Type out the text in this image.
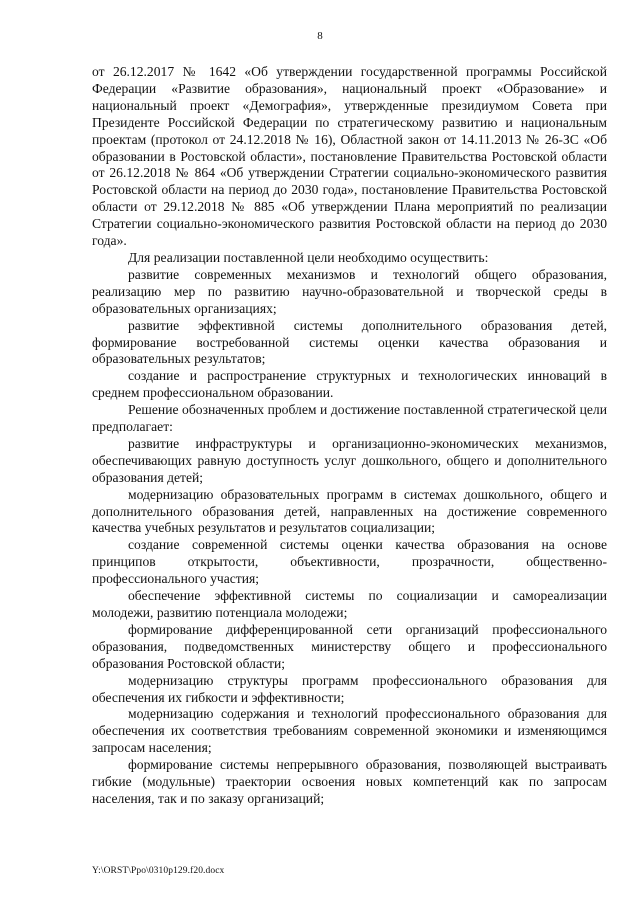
8

от 26.12.2017 № 1642 «Об утверждении государственной программы Российской Федерации «Развитие образования», национальный проект «Образование» и национальный проект «Демография», утвержденные президиумом Совета при Президенте Российской Федерации по стратегическому развитию и национальным проектам (протокол от 24.12.2018 № 16), Областной закон от 14.11.2013 № 26-ЗС «Об образовании в Ростовской области», постановление Правительства Ростовской области от 26.12.2018 № 864 «Об утверждении Стратегии социально-экономического развития Ростовской области на период до 2030 года», постановление Правительства Ростовской области от 29.12.2018 № 885 «Об утверждении Плана мероприятий по реализации Стратегии социально-экономического развития Ростовской области на период до 2030 года».

Для реализации поставленной цели необходимо осуществить:

развитие современных механизмов и технологий общего образования, реализацию мер по развитию научно-образовательной и творческой среды в образовательных организациях;

развитие эффективной системы дополнительного образования детей, формирование востребованной системы оценки качества образования и образовательных результатов;

создание и распространение структурных и технологических инноваций в среднем профессиональном образовании.

Решение обозначенных проблем и достижение поставленной стратегической цели предполагает:

развитие инфраструктуры и организационно-экономических механизмов, обеспечивающих равную доступность услуг дошкольного, общего и дополнительного образования детей;

модернизацию образовательных программ в системах дошкольного, общего и дополнительного образования детей, направленных на достижение современного качества учебных результатов и результатов социализации;

создание современной системы оценки качества образования на основе принципов открытости, объективности, прозрачности, общественно-профессионального участия;

обеспечение эффективной системы по социализации и самореализации молодежи, развитию потенциала молодежи;

формирование дифференцированной сети организаций профессионального образования, подведомственных министерству общего и профессионального образования Ростовской области;

модернизацию структуры программ профессионального образования для обеспечения их гибкости и эффективности;

модернизацию содержания и технологий профессионального образования для обеспечения их соответствия требованиям современной экономики и изменяющимся запросам населения;

формирование системы непрерывного образования, позволяющей выстраивать гибкие (модульные) траектории освоения новых компетенций как по запросам населения, так и по заказу организаций;

Y:\ORST\Ppo\0310p129.f20.docx
